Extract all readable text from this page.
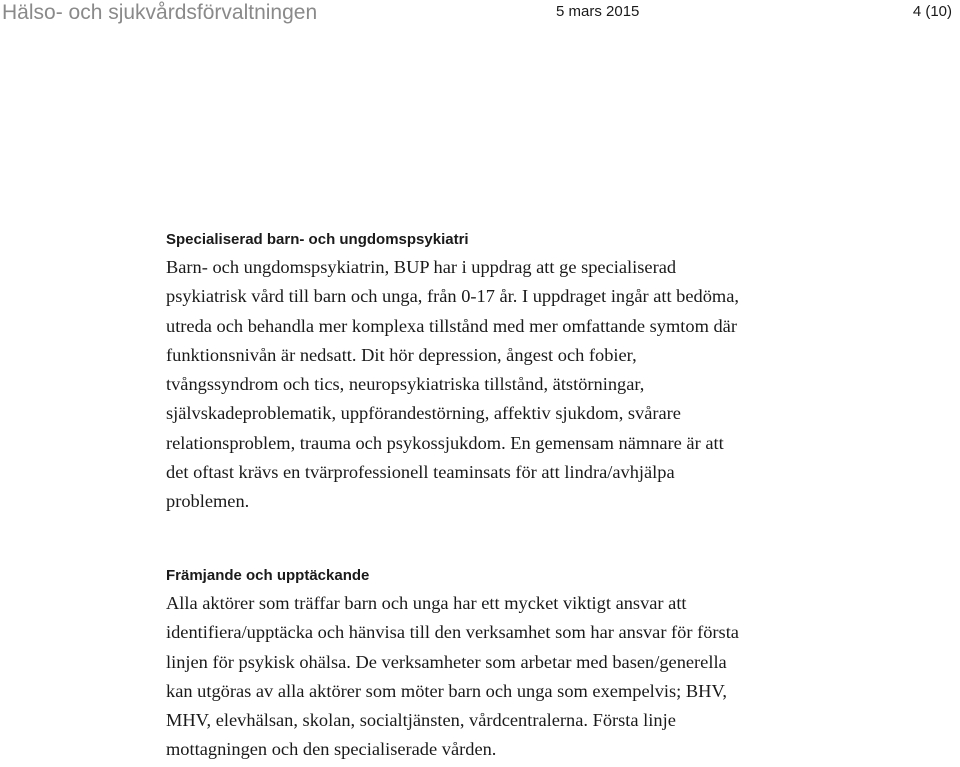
Hälso- och sjukvårdsförvaltningen	5 mars 2015	4 (10)
Specialiserad barn- och ungdomspsykiatri
Barn- och ungdomspsykiatrin, BUP har i uppdrag att ge specialiserad
psykiatrisk vård till barn och unga, från 0-17 år. I uppdraget ingår att bedöma,
utreda och behandla mer komplexa tillstånd med mer omfattande symtom där
funktionsnivån är nedsatt. Dit hör depression, ångest och fobier,
tvångssyndrom och tics, neuropsykiatriska tillstånd, ätstörningar,
självskadeproblematik, uppförandestörning, affektiv sjukdom, svårare
relationsproblem, trauma och psykossjukdom. En gemensam nämnare är att
det oftast krävs en tvärprofessionell teaminsats för att lindra/avhjälpa
problemen.
Främjande och upptäckande
Alla aktörer som träffar barn och unga har ett mycket viktigt ansvar att
identifiera/upptäcka och hänvisa till den verksamhet som har ansvar för första
linjen för psykisk ohälsa. De verksamheter som arbetar med basen/generella
kan utgöras av alla aktörer som möter barn och unga som exempelvis; BHV,
MHV, elevhälsan, skolan, socialtjänsten, vårdcentralerna. Första linje
mottagningen och den specialiserade vården.
